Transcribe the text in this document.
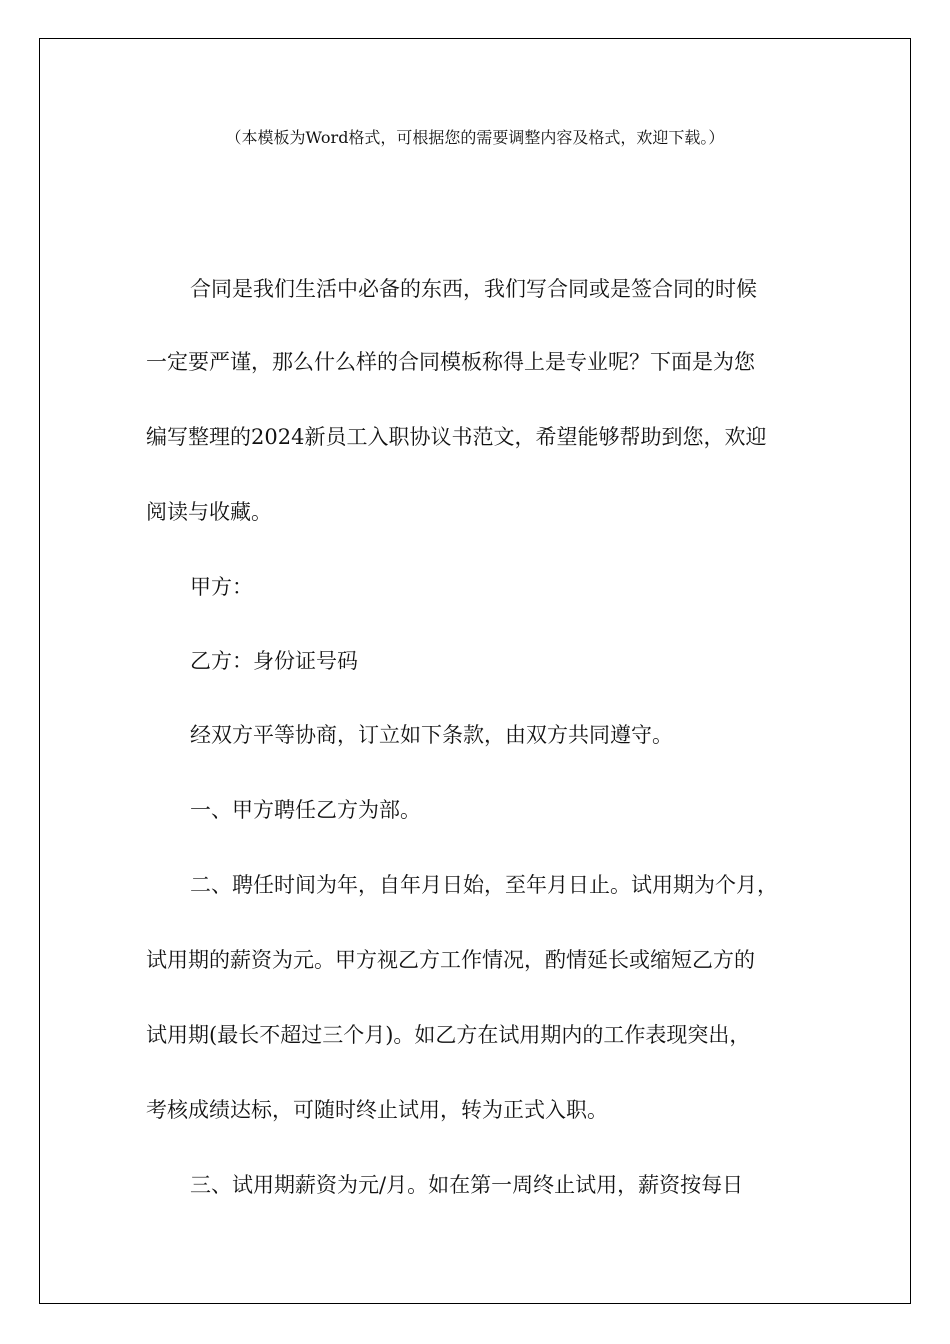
（本模板为Word格式，可根据您的需要调整内容及格式，欢迎下载。）
合同是我们生活中必备的东西，我们写合同或是签合同的时候
一定要严谨，那么什么样的合同模板称得上是专业呢？下面是为您
编写整理的2024新员工入职协议书范文，希望能够帮助到您，欢迎
阅读与收藏。
甲方：
乙方：身份证号码
经双方平等协商，订立如下条款，由双方共同遵守。
一、甲方聘任乙方为部。
二、聘任时间为年，自年月日始，至年月日止。试用期为个月，
试用期的薪资为元。甲方视乙方工作情况，酌情延长或缩短乙方的
试用期(最长不超过三个月)。如乙方在试用期内的工作表现突出，
考核成绩达标，可随时终止试用，转为正式入职。
三、试用期薪资为元/月。如在第一周终止试用，薪资按每日
